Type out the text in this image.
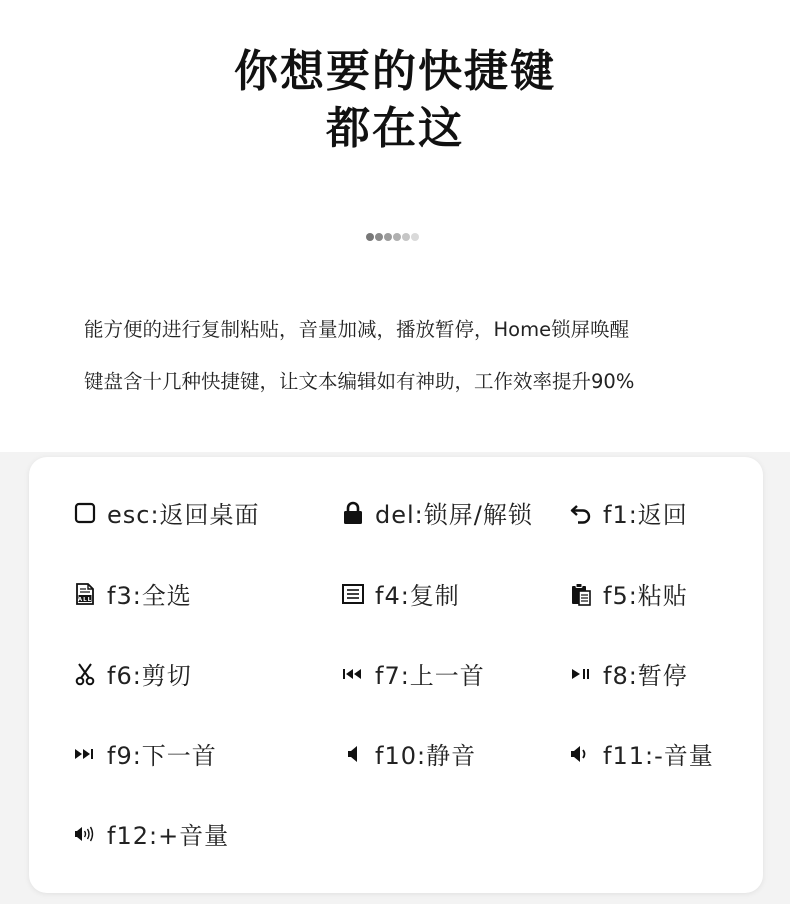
你想要的快捷键
都在这
能方便的进行复制粘贴，音量加减，播放暂停，Home锁屏唤醒
键盘含十几种快捷键，让文本编辑如有神助，工作效率提升90%
esc:返回桌面	del:锁屏/解锁	f1:返回
ALL f3:全选	f4:复制	f5:粘贴
f6:剪切	f7:上一首	f8:暂停
f9:下一首	f10:静音	f11:-音量
f12:+音量
